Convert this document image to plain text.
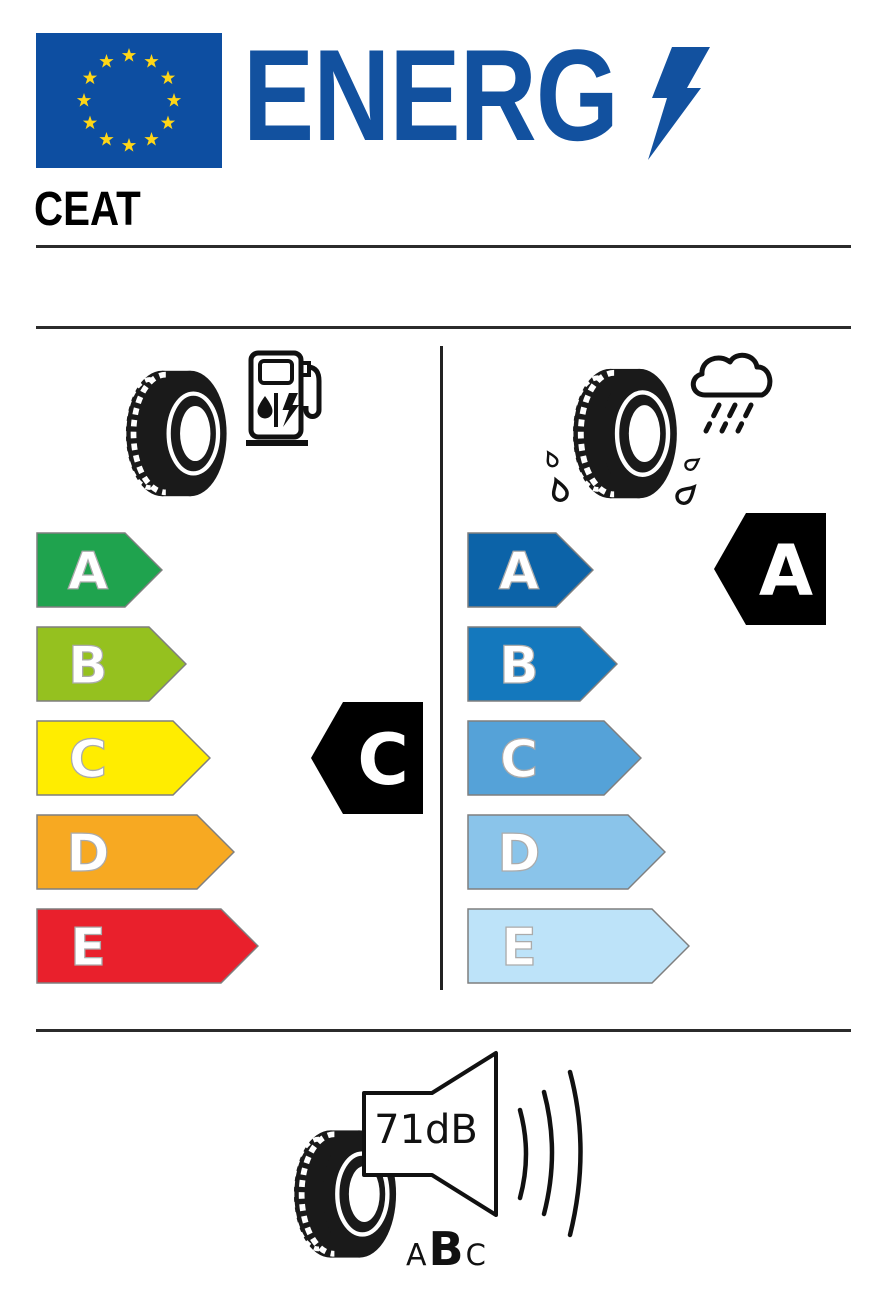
ENERG
CEAT
A
B
C
D
E
C
A
B
C
D
E
A
71dB
A B C
